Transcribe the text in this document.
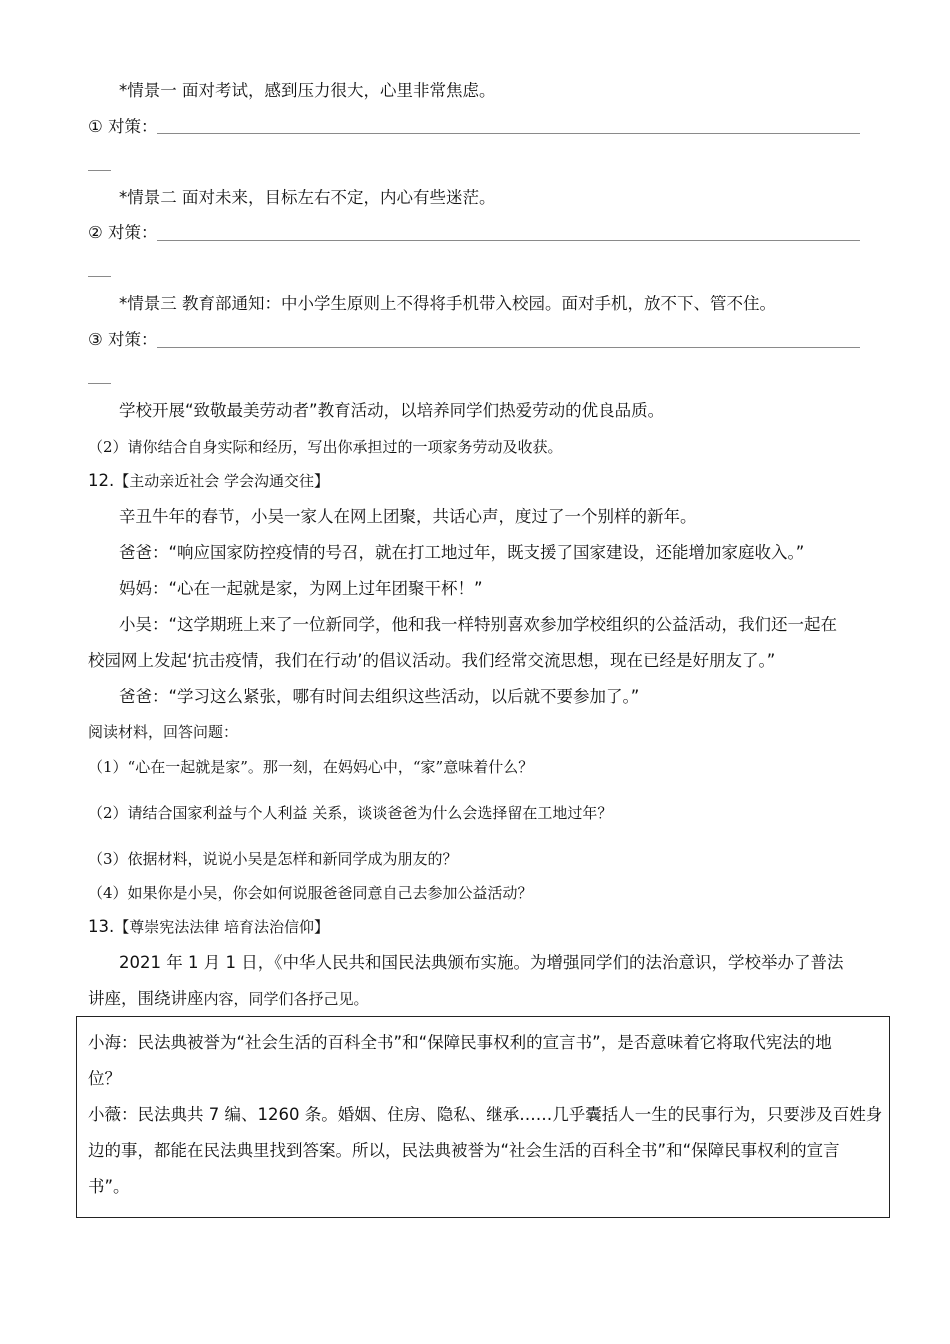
*情景一 面对考试，感到压力很大，心里非常焦虑。
① 对策：
*情景二 面对未来，目标左右不定，内心有些迷茫。
② 对策：
*情景三 教育部通知：中小学生原则上不得将手机带入校园。面对手机，放不下、管不住。
③ 对策：
学校开展“致敬最美劳动者”教育活动，以培养同学们热爱劳动的优良品质。
（2）请你结合自身实际和经历，写出你承担过的一项家务劳动及收获。
12.【主动亲近社会 学会沟通交往】
辛丑牛年的春节，小吴一家人在网上团聚，共话心声，度过了一个别样的新年。
爸爸：“响应国家防控疫情的号召，就在打工地过年，既支援了国家建设，还能增加家庭收入。”
妈妈：“心在一起就是家，为网上过年团聚干杯！”
小吴：“这学期班上来了一位新同学，他和我一样特别喜欢参加学校组织的公益活动，我们还一起在
校园网上发起‘抗击疫情，我们在行动’的倡议活动。我们经常交流思想，现在已经是好朋友了。”
爸爸：“学习这么紧张，哪有时间去组织这些活动，以后就不要参加了。”
阅读材料，回答问题：
（1）“心在一起就是家”。那一刻，在妈妈心中，“家”意味着什么？
（2）请结合国家利益与个人利益 关系，谈谈爸爸为什么会选择留在工地过年？
（3）依据材料，说说小吴是怎样和新同学成为朋友的？
（4）如果你是小吴，你会如何说服爸爸同意自己去参加公益活动？
13.【尊崇宪法法律 培育法治信仰】
2021 年 1 月 1 日，《中华人民共和国民法典颁布实施。为增强同学们的法治意识，学校举办了普法
讲座，围绕讲座内容，同学们各抒己见。
小海：民法典被誉为“社会生活的百科全书”和“保障民事权利的宣言书”，是否意味着它将取代宪法的地
位？
小薇：民法典共 7 编、1260 条。婚姻、住房、隐私、继承……几乎囊括人一生的民事行为，只要涉及百姓身
边的事，都能在民法典里找到答案。所以，民法典被誉为“社会生活的百科全书”和“保障民事权利的宣言
书”。
